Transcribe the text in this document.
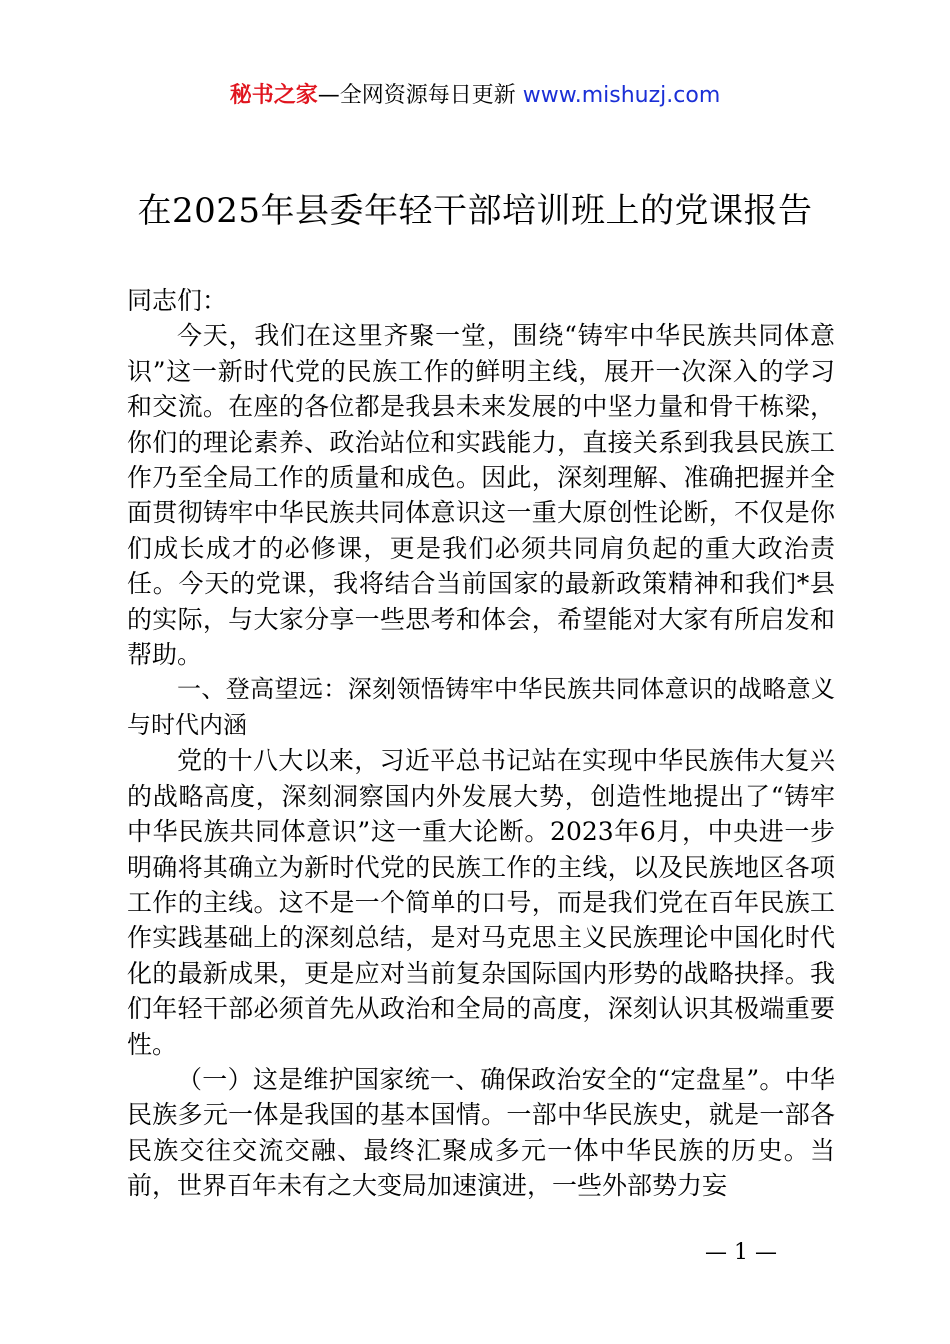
秘书之家—全网资源每日更新 www.mishuzj.com
在2025年县委年轻干部培训班上的党课报告

同志们：

今天，我们在这里齐聚一堂，围绕“铸牢中华民族共同体意识”这一新时代党的民族工作的鲜明主线，展开一次深入的学习和交流。在座的各位都是我县未来发展的中坚力量和骨干栋梁，你们的理论素养、政治站位和实践能力，直接关系到我县民族工作乃至全局工作的质量和成色。因此，深刻理解、准确把握并全面贯彻铸牢中华民族共同体意识这一重大原创性论断，不仅是你们成长成才的必修课，更是我们必须共同肩负起的重大政治责任。今天的党课，我将结合当前国家的最新政策精神和我们*县的实际，与大家分享一些思考和体会，希望能对大家有所启发和帮助。

一、登高望远：深刻领悟铸牢中华民族共同体意识的战略意义与时代内涵

党的十八大以来，习近平总书记站在实现中华民族伟大复兴的战略高度，深刻洞察国内外发展大势，创造性地提出了“铸牢中华民族共同体意识”这一重大论断。2023年6月，中央进一步明确将其确立为新时代党的民族工作的主线，以及民族地区各项工作的主线。这不是一个简单的口号，而是我们党在百年民族工作实践基础上的深刻总结，是对马克思主义民族理论中国化时代化的最新成果，更是应对当前复杂国际国内形势的战略抉择。我们年轻干部必须首先从政治和全局的高度，深刻认识其极端重要性。

（一）这是维护国家统一、确保政治安全的“定盘星”。中华民族多元一体是我国的基本国情。一部中华民族史，就是一部各民族交往交流交融、最终汇聚成多元一体中华民族的历史。当前，世界百年未有之大变局加速演进，一些外部势力妄

— 1 —
